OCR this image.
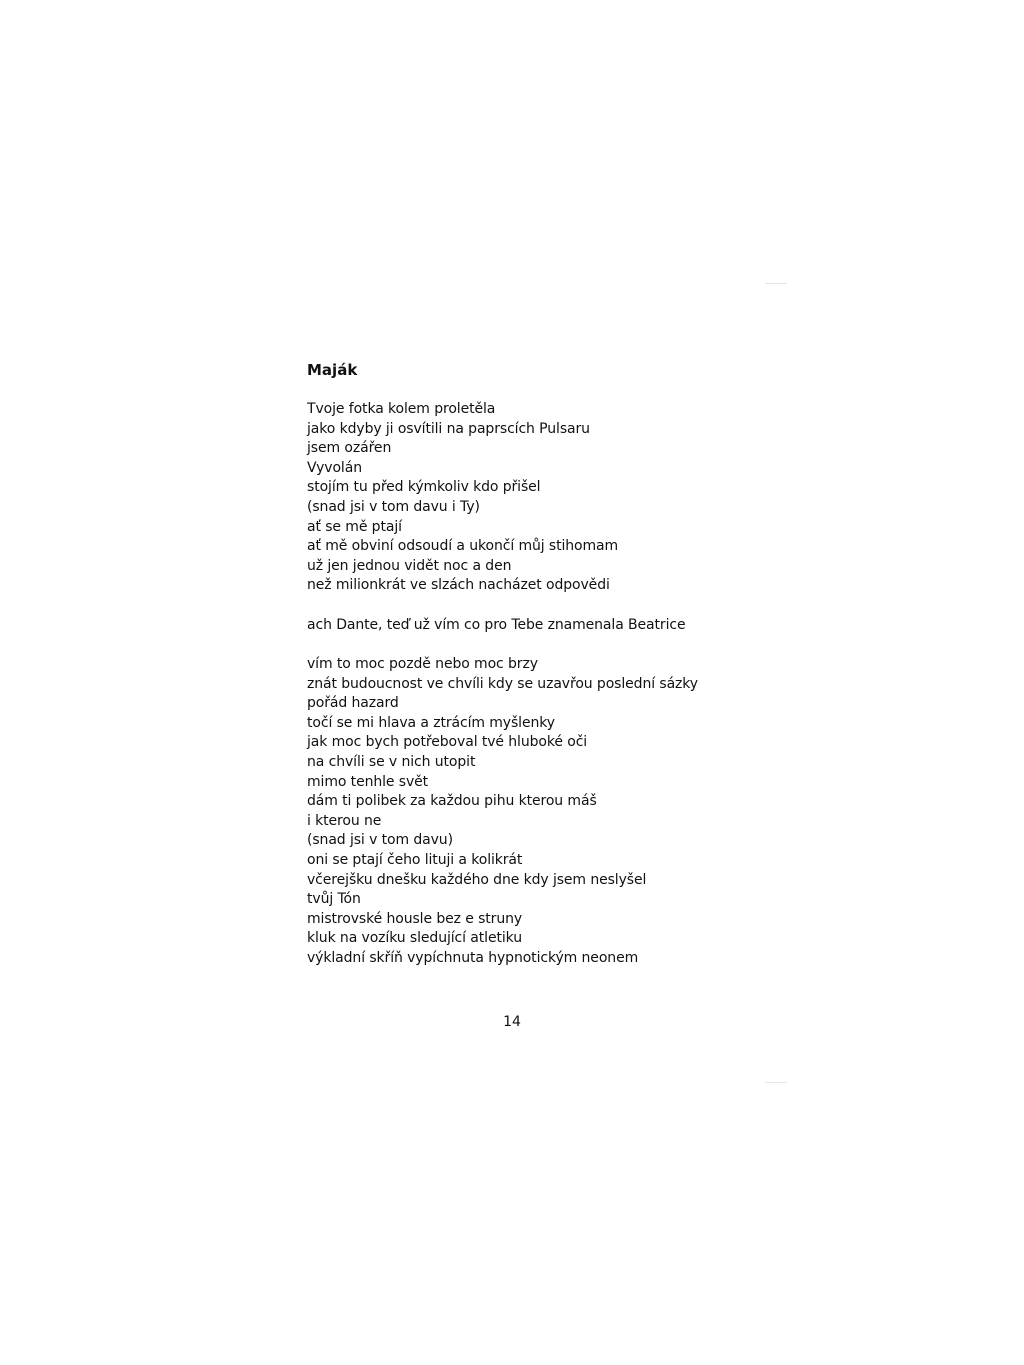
Maják
Tvoje fotka kolem proletěla
jako kdyby ji osvítili na paprscích Pulsaru
jsem ozářen
Vyvolán
stojím tu před kýmkoliv kdo přišel
(snad jsi v tom davu i Ty)
ať se mě ptají
ať mě obviní odsoudí a ukončí můj stihomam
už jen jednou vidět noc a den
než milionkrát ve slzách nacházet odpovědi
ach Dante, teď už vím co pro Tebe znamenala Beatrice
vím to moc pozdě nebo moc brzy
znát budoucnost ve chvíli kdy se uzavřou poslední sázky
pořád hazard
točí se mi hlava a ztrácím myšlenky
jak moc bych potřeboval tvé hluboké oči
na chvíli se v nich utopit
mimo tenhle svět
dám ti polibek za každou pihu kterou máš
i kterou ne
(snad jsi v tom davu)
oni se ptají čeho lituji a kolikrát
včerejšku dnešku každého dne kdy jsem neslyšel
tvůj Tón
mistrovské housle bez e struny
kluk na vozíku sledující atletiku
výkladní skříň vypíchnuta hypnotickým neonem
14
